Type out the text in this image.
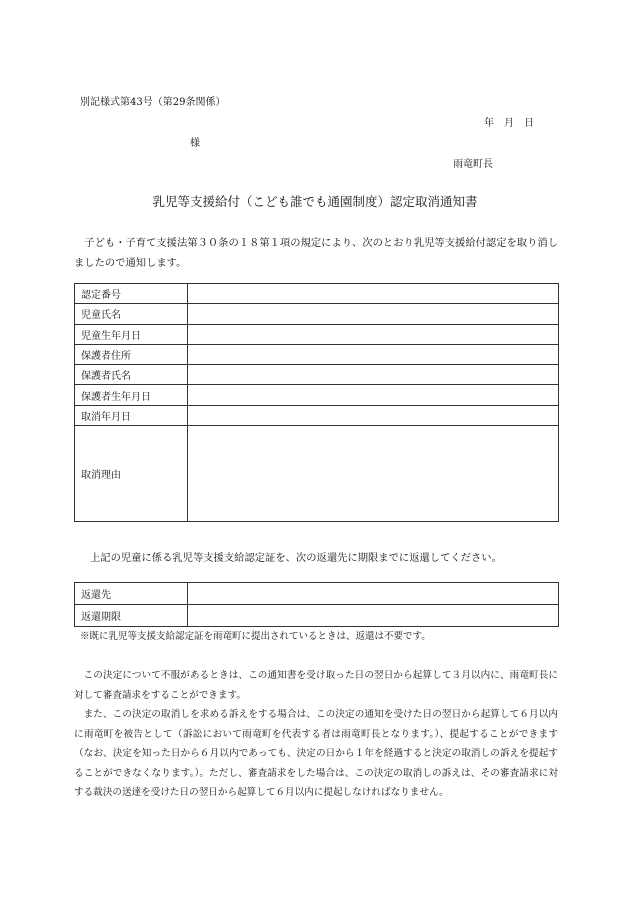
別記様式第43号（第29条関係）
年　月　日
様
雨竜町長
乳児等支援給付（こども誰でも通園制度）認定取消通知書
　子ども・子育て支援法第３０条の１８第１項の規定により、次のとおり乳児等支援給付認定を取り消しましたので通知します。
認定番号	
児童氏名	
児童生年月日	
保護者住所	
保護者氏名	
保護者生年月日	
取消年月日	
取消理由	
上記の児童に係る乳児等支援支給認定証を、次の返還先に期限までに返還してください。
返還先	
返還期限	
※既に乳児等支援支給認定証を雨竜町に提出されているときは、返還は不要です。

この決定について不服があるときは、この通知書を受け取った日の翌日から起算して３月以内に、雨竜町長に対して審査請求をすることができます。

また、この決定の取消しを求める訴えをする場合は、この決定の通知を受けた日の翌日から起算して６月以内に雨竜町を被告として（訴訟において雨竜町を代表する者は雨竜町長となります。）、提起することができます（なお、決定を知った日から６月以内であっても、決定の日から１年を経過すると決定の取消しの訴えを提起することができなくなります。）。ただし、審査請求をした場合は、この決定の取消しの訴えは、その審査請求に対する裁決の送達を受けた日の翌日から起算して６月以内に提起しなければなりません。
